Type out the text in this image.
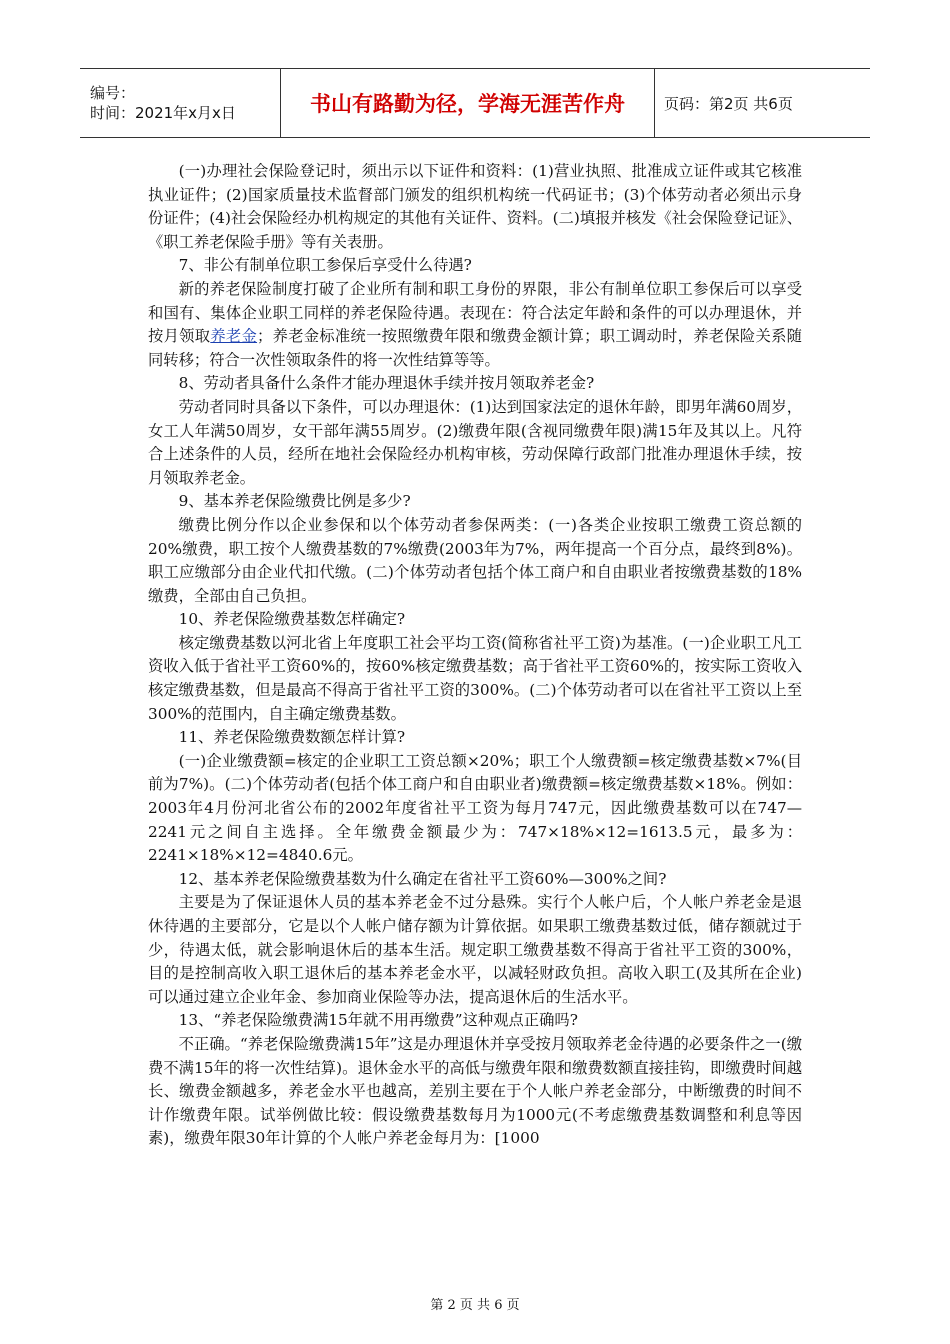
编号：
时间：2021年x月x日	书山有路勤为径，学海无涯苦作舟	页码：第2页 共6页

(一)办理社会保险登记时，须出示以下证件和资料：(1)营业执照、批准成立证件或其它核准执业证件；(2)国家质量技术监督部门颁发的组织机构统一代码证书；(3)个体劳动者必须出示身份证件；(4)社会保险经办机构规定的其他有关证件、资料。(二)填报并核发《社会保险登记证》、《职工养老保险手册》等有关表册。

7、非公有制单位职工参保后享受什么待遇?

新的养老保险制度打破了企业所有制和职工身份的界限，非公有制单位职工参保后可以享受和国有、集体企业职工同样的养老保险待遇。表现在：符合法定年龄和条件的可以办理退休，并按月领取养老金；养老金标准统一按照缴费年限和缴费金额计算；职工调动时，养老保险关系随同转移；符合一次性领取条件的将一次性结算等等。

8、劳动者具备什么条件才能办理退休手续并按月领取养老金?

劳动者同时具备以下条件，可以办理退休：(1)达到国家法定的退休年龄，即男年满60周岁，女工人年满50周岁，女干部年满55周岁。(2)缴费年限(含视同缴费年限)满15年及其以上。凡符合上述条件的人员，经所在地社会保险经办机构审核，劳动保障行政部门批准办理退休手续，按月领取养老金。

9、基本养老保险缴费比例是多少?

缴费比例分作以企业参保和以个体劳动者参保两类：(一)各类企业按职工缴费工资总额的20%缴费，职工按个人缴费基数的7%缴费(2003年为7%，两年提高一个百分点，最终到8%)。职工应缴部分由企业代扣代缴。(二)个体劳动者包括个体工商户和自由职业者按缴费基数的18%缴费，全部由自己负担。

10、养老保险缴费基数怎样确定?

核定缴费基数以河北省上年度职工社会平均工资(简称省社平工资)为基准。(一)企业职工凡工资收入低于省社平工资60%的，按60%核定缴费基数；高于省社平工资60%的，按实际工资收入核定缴费基数，但是最高不得高于省社平工资的300%。(二)个体劳动者可以在省社平工资以上至300%的范围内，自主确定缴费基数。

11、养老保险缴费数额怎样计算?

(一)企业缴费额=核定的企业职工工资总额×20%；职工个人缴费额=核定缴费基数×7%(目前为7%)。(二)个体劳动者(包括个体工商户和自由职业者)缴费额=核定缴费基数×18%。例如：2003年4月份河北省公布的2002年度省社平工资为每月747元，因此缴费基数可以在747—2241元之间自主选择。全年缴费金额最少为：747×18%×12=1613.5元，最多为：2241×18%×12=4840.6元。

12、基本养老保险缴费基数为什么确定在省社平工资60%—300%之间?

主要是为了保证退休人员的基本养老金不过分悬殊。实行个人帐户后，个人帐户养老金是退休待遇的主要部分，它是以个人帐户储存额为计算依据。如果职工缴费基数过低，储存额就过于少，待遇太低，就会影响退休后的基本生活。规定职工缴费基数不得高于省社平工资的300%，目的是控制高收入职工退休后的基本养老金水平，以减轻财政负担。高收入职工(及其所在企业)可以通过建立企业年金、参加商业保险等办法，提高退休后的生活水平。

13、“养老保险缴费满15年就不用再缴费”这种观点正确吗?

不正确。“养老保险缴费满15年”这是办理退休并享受按月领取养老金待遇的必要条件之一(缴费不满15年的将一次性结算)。退休金水平的高低与缴费年限和缴费数额直接挂钩，即缴费时间越长、缴费金额越多，养老金水平也越高，差别主要在于个人帐户养老金部分，中断缴费的时间不计作缴费年限。试举例做比较：假设缴费基数每月为1000元(不考虑缴费基数调整和利息等因素)，缴费年限30年计算的个人帐户养老金每月为：[1000

第 2 页 共 6 页
